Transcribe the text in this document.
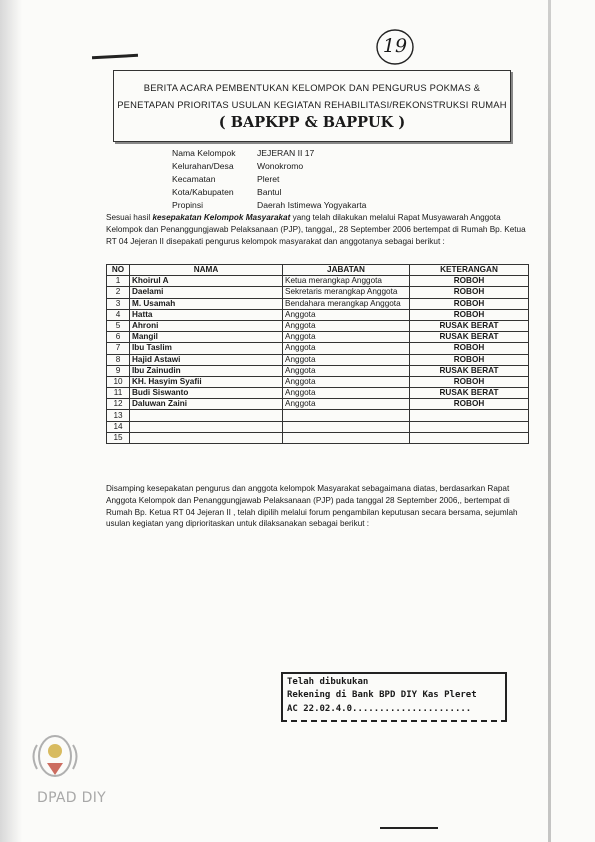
19
BERITA ACARA PEMBENTUKAN KELOMPOK DAN PENGURUS POKMAS &
PENETAPAN PRIORITAS USULAN KEGIATAN REHABILITASI/REKONSTRUKSI RUMAH
( BAPKPP & BAPPUK )
Nama Kelompok	JEJERAN II 17
Kelurahan/Desa	Wonokromo
Kecamatan	Pleret
Kota/Kabupaten	Bantul
Propinsi	Daerah Istimewa Yogyakarta
Sesuai hasil kesepakatan Kelompok Masyarakat yang telah dilakukan melalui Rapat Musyawarah Anggota Kelompok dan Penanggungjawab Pelaksanaan (PJP), tanggal,, 28 September 2006 bertempat di Rumah Bp. Ketua RT 04 Jejeran II disepakati pengurus kelompok masyarakat dan anggotanya sebagai berikut :
NO	NAMA	JABATAN	KETERANGAN
1	Khoirul A	Ketua merangkap Anggota	ROBOH
2	Daelami	Sekretaris merangkap Anggota	ROBOH
3	M. Usamah	Bendahara merangkap Anggota	ROBOH
4	Hatta	Anggota	ROBOH
5	Ahroni	Anggota	RUSAK BERAT
6	Mangil	Anggota	RUSAK BERAT
7	Ibu Taslim	Anggota	ROBOH
8	Hajid Astawi	Anggota	ROBOH
9	Ibu Zainudin	Anggota	RUSAK BERAT
10	KH. Hasyim Syafii	Anggota	ROBOH
11	Budi Siswanto	Anggota	RUSAK BERAT
12	Daluwan Zaini	Anggota	ROBOH
13			
14			
15			
Disamping kesepakatan pengurus dan anggota kelompok Masyarakat sebagaimana diatas, berdasarkan Rapat Anggota Kelompok dan Penanggungjawab Pelaksanaan (PJP) pada tanggal 28 September 2006,, bertempat di Rumah Bp. Ketua RT 04 Jejeran II , telah dipilih melalui forum pengambilan keputusan secara bersama, sejumlah usulan kegiatan yang diprioritaskan untuk dilaksanakan sebagai berikut :
Telah dibukukan
Rekening di Bank BPD DIY Kas Pleret
AC 22.02.4.0......................
DPAD DIY
